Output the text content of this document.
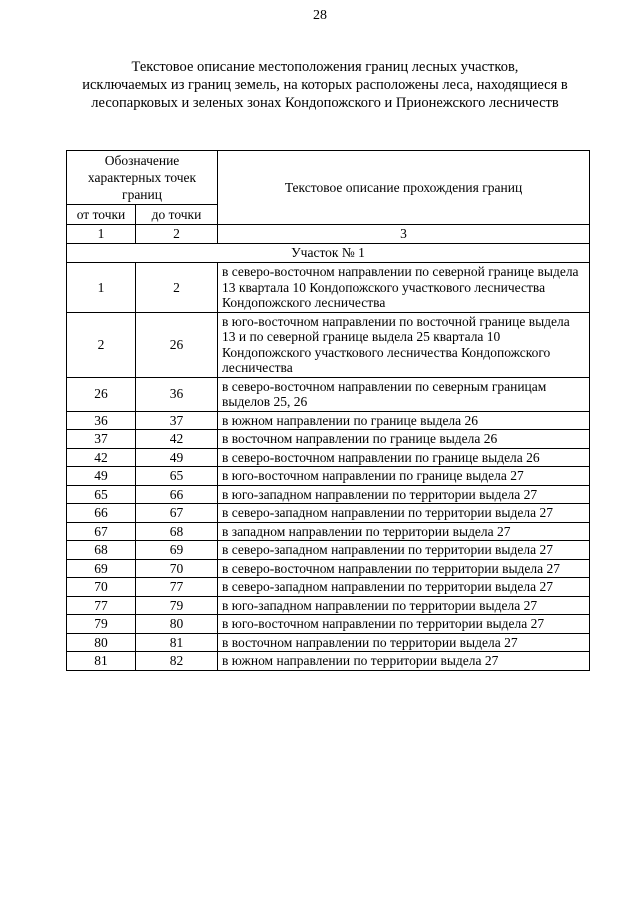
28
Текстовое описание местоположения границ лесных участков,
исключаемых из границ земель, на которых расположены леса, находящиеся в
лесопарковых и зеленых зонах Кондопожского и Прионежского лесничеств
Обозначение характерных точек границ		Текстовое описание прохождения границ
от точки	до точки	
1	2	3
Участок № 1		
1	2	в северо-восточном направлении по северной границе выдела 13 квартала 10 Кондопожского участкового лесничества Кондопожского лесничества
2	26	в юго-восточном направлении по восточной границе выдела 13 и по северной границе выдела 25 квартала 10 Кондопожского участкового лесничества Кондопожского лесничества
26	36	в северо-восточном направлении по северным границам выделов 25, 26
36	37	в южном направлении по границе выдела 26
37	42	в восточном направлении по границе выдела 26
42	49	в северо-восточном направлении по границе выдела 26
49	65	в юго-восточном направлении по границе выдела 27
65	66	в юго-западном направлении по территории выдела 27
66	67	в северо-западном направлении по территории выдела 27
67	68	в западном направлении по территории выдела 27
68	69	в северо-западном направлении по территории выдела 27
69	70	в северо-восточном направлении по территории выдела 27
70	77	в северо-западном направлении по территории выдела 27
77	79	в юго-западном направлении по территории выдела 27
79	80	в юго-восточном направлении по территории выдела 27
80	81	в восточном направлении по территории выдела 27
81	82	в южном направлении по территории выдела 27
